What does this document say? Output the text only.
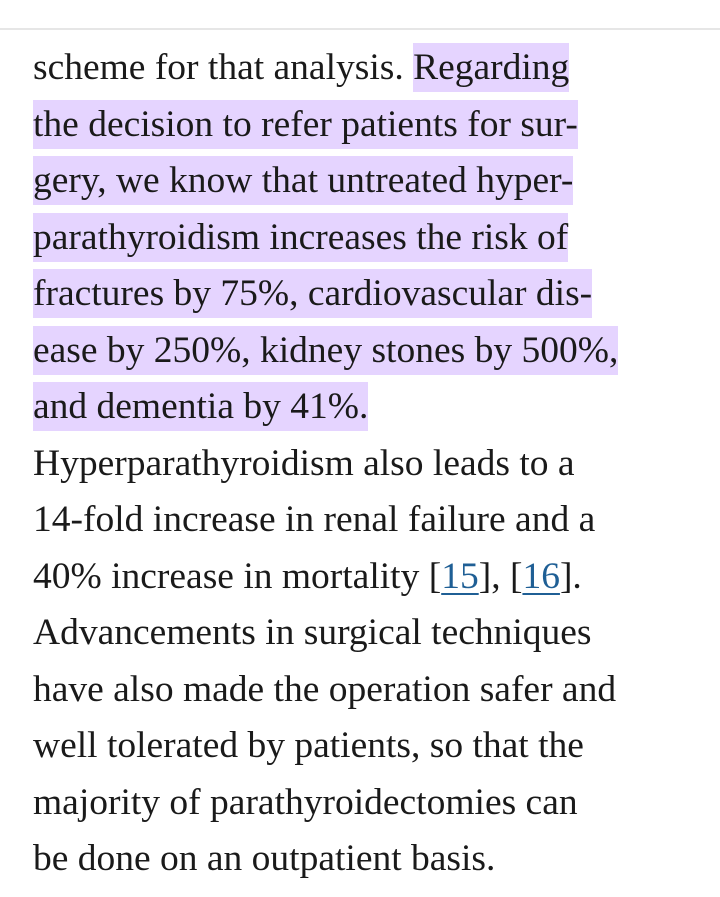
scheme for that analysis. Regarding
the decision to refer patients for sur-
gery, we know that untreated hyper-
parathyroidism increases the risk of
fractures by 75%, cardiovascular dis-
ease by 250%, kidney stones by 500%,
and dementia by 41%.
Hyperparathyroidism also leads to a
14-fold increase in renal failure and a
40% increase in mortality [15], [16].
Advancements in surgical techniques
have also made the operation safer and
well tolerated by patients, so that the
majority of parathyroidectomies can
be done on an outpatient basis.
